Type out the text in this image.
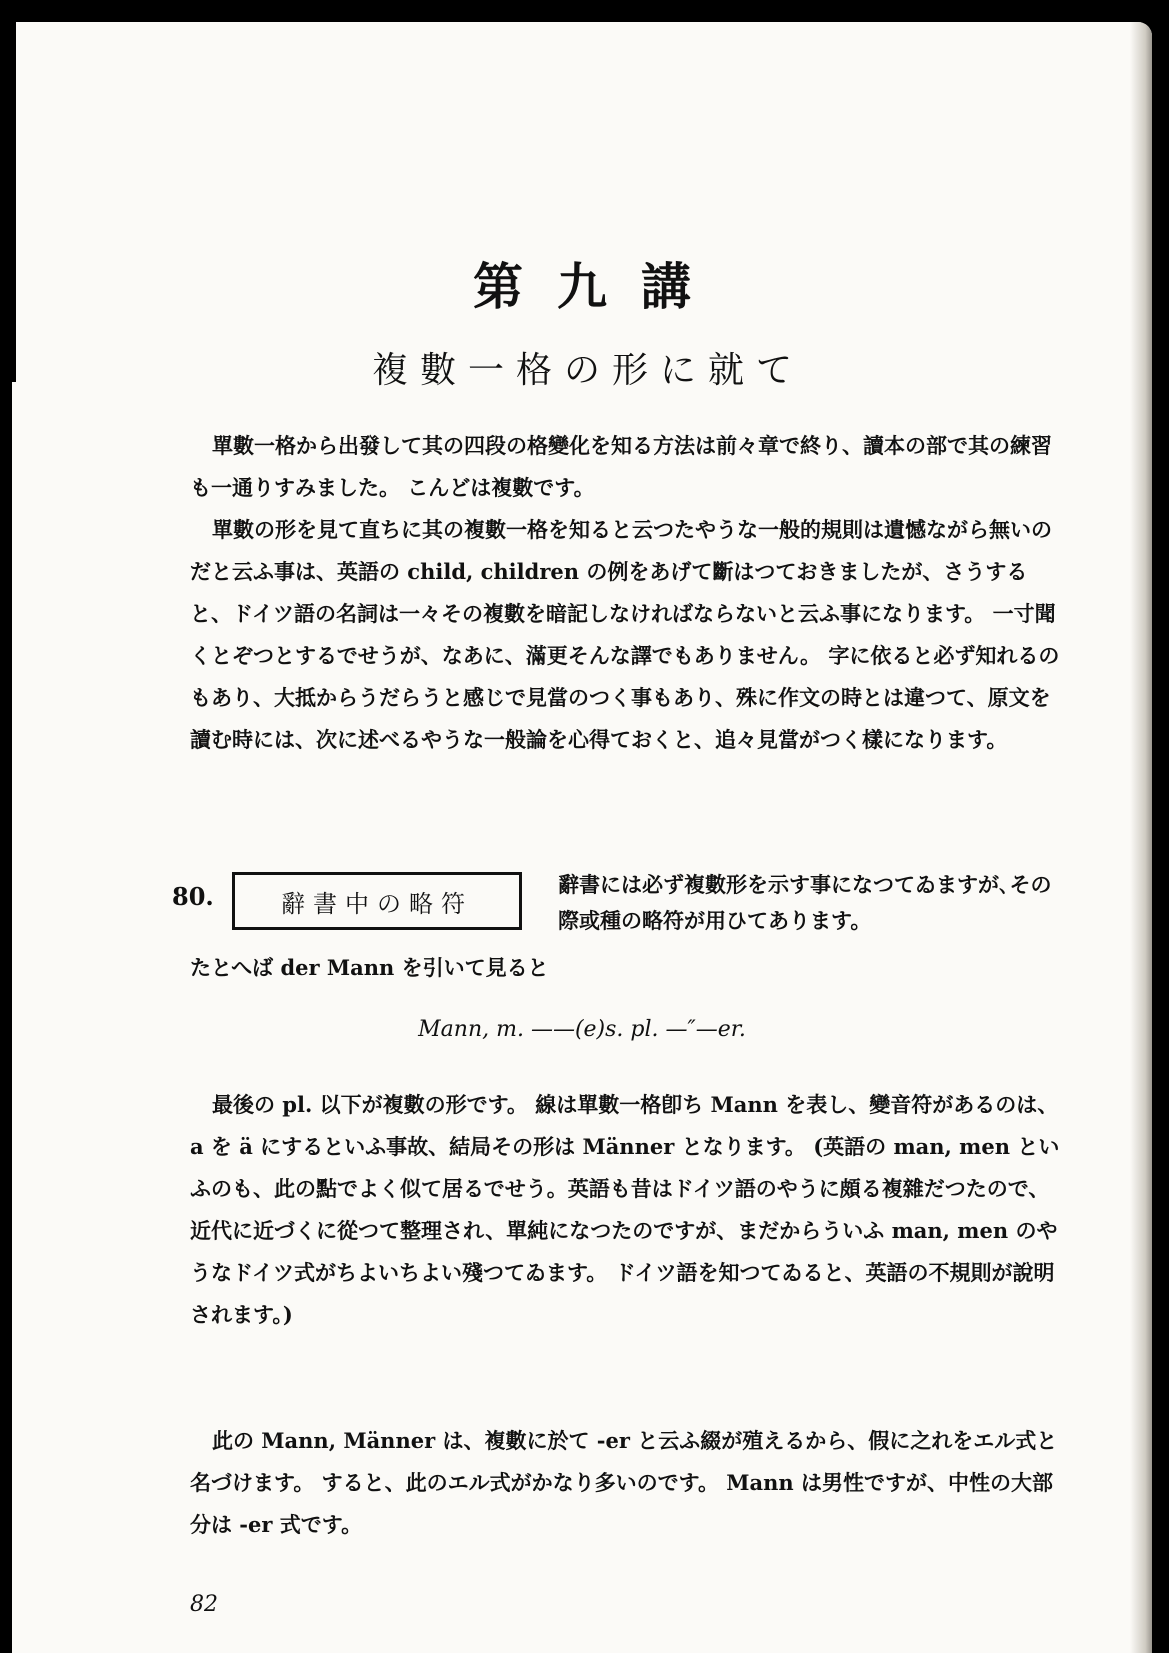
第九講
複數一格の形に就て

單數一格から出發して其の四段の格變化を知る方法は前々章で終り、讀本の部で其の練習も一通りすみました。 こんどは複數です。

單數の形を見て直ちに其の複數一格を知ると云つたやうな一般的規則は遺憾ながら無いのだと云ふ事は、英語の child, children の例をあげて斷はつておきましたが、さうすると、ドイツ語の名詞は一々その複數を暗記しなければならないと云ふ事になります。 一寸聞くとぞつとするでせうが、なあに、滿更そんな譯でもありません。 字に依ると必ず知れるのもあり、大抵からうだらうと感じで見當のつく事もあり、殊に作文の時とは違つて、原文を讀む時には、次に述べるやうな一般論を心得ておくと、追々見當がつく樣になります。

80.	辭書中の略符

辭書には必ず複數形を示す事になつてゐますが､その際或種の略符が用ひてあります。

たとへば der Mann を引いて見ると
Mann, m. ——(e)s. pl. —″—er.

最後の pl. 以下が複數の形です。 線は單數一格卽ち Mann を表し、變音符があるのは、a を ä にするといふ事故、結局その形は Männer となります。 (英語の man, men といふのも、此の點でよく似て居るでせう。英語も昔はドイツ語のやうに頗る複雜だつたので、近代に近づくに從つて整理され、單純になつたのですが、まだからういふ man, men のやうなドイツ式がちよいちよい殘つてゐます。 ドイツ語を知つてゐると、英語の不規則が說明されます。)

此の Mann, Männer は、複數に於て -er と云ふ綴が殖えるから、假に之れをエル式と名づけます。 すると、此のエル式がかなり多いのです。 Mann は男性ですが、中性の大部分は -er 式です。

82
